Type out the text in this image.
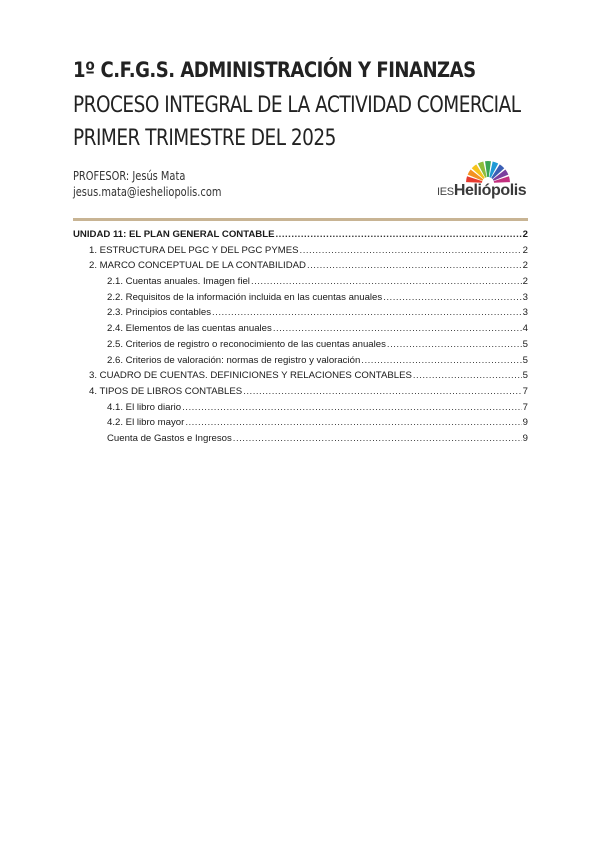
1º C.F.G.S. ADMINISTRACIÓN Y FINANZAS
PROCESO INTEGRAL DE LA ACTIVIDAD COMERCIAL
PRIMER TRIMESTRE DEL 2025
PROFESOR: Jesús Mata
jesus.mata@iesheliopolis.com	IESHeliópolis
UNIDAD 11: EL PLAN GENERAL CONTABLE .....	2
1. ESTRUCTURA DEL PGC Y DEL PGC PYMES .....	2
2. MARCO CONCEPTUAL DE LA CONTABILIDAD .....	2
2.1. Cuentas anuales. Imagen fiel .....	2
2.2. Requisitos de la información incluida en las cuentas anuales .....	3
2.3. Principios contables .....	3
2.4. Elementos de las cuentas anuales .....	4
2.5. Criterios de registro o reconocimiento de las cuentas anuales .....	5
2.6. Criterios de valoración: normas de registro y valoración .....	5
3. CUADRO DE CUENTAS. DEFINICIONES Y RELACIONES CONTABLES .....	5
4. TIPOS DE LIBROS CONTABLES .....	7
4.1. El libro diario .....	7
4.2. El libro mayor .....	9
Cuenta de Gastos e Ingresos .....	9
